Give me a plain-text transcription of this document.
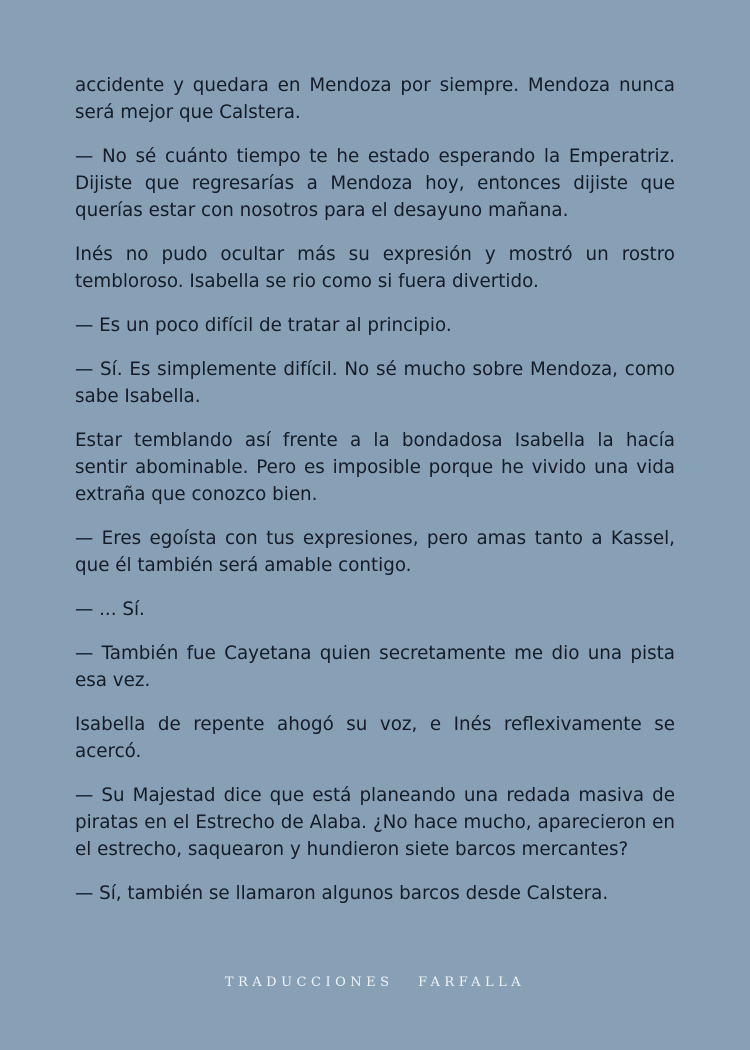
accidente y quedara en Mendoza por siempre. Mendoza nunca será mejor que Calstera.

— No sé cuánto tiempo te he estado esperando la Emperatriz. Dijiste que regresarías a Mendoza hoy, entonces dijiste que querías estar con nosotros para el desayuno mañana.

Inés no pudo ocultar más su expresión y mostró un rostro tembloroso. Isabella se rio como si fuera divertido.

— Es un poco difícil de tratar al principio.

— Sí. Es simplemente difícil. No sé mucho sobre Mendoza, como sabe Isabella.

Estar temblando así frente a la bondadosa Isabella la hacía sentir abominable. Pero es imposible porque he vivido una vida extraña que conozco bien.

— Eres egoísta con tus expresiones, pero amas tanto a Kassel, que él también será amable contigo.

— ... Sí.

— También fue Cayetana quien secretamente me dio una pista esa vez.

Isabella de repente ahogó su voz, e Inés reflexivamente se acercó.

— Su Majestad dice que está planeando una redada masiva de piratas en el Estrecho de Alaba. ¿No hace mucho, aparecieron en el estrecho, saquearon y hundieron siete barcos mercantes?

— Sí, también se llamaron algunos barcos desde Calstera.

TRADUCCIONES FARFALLA
